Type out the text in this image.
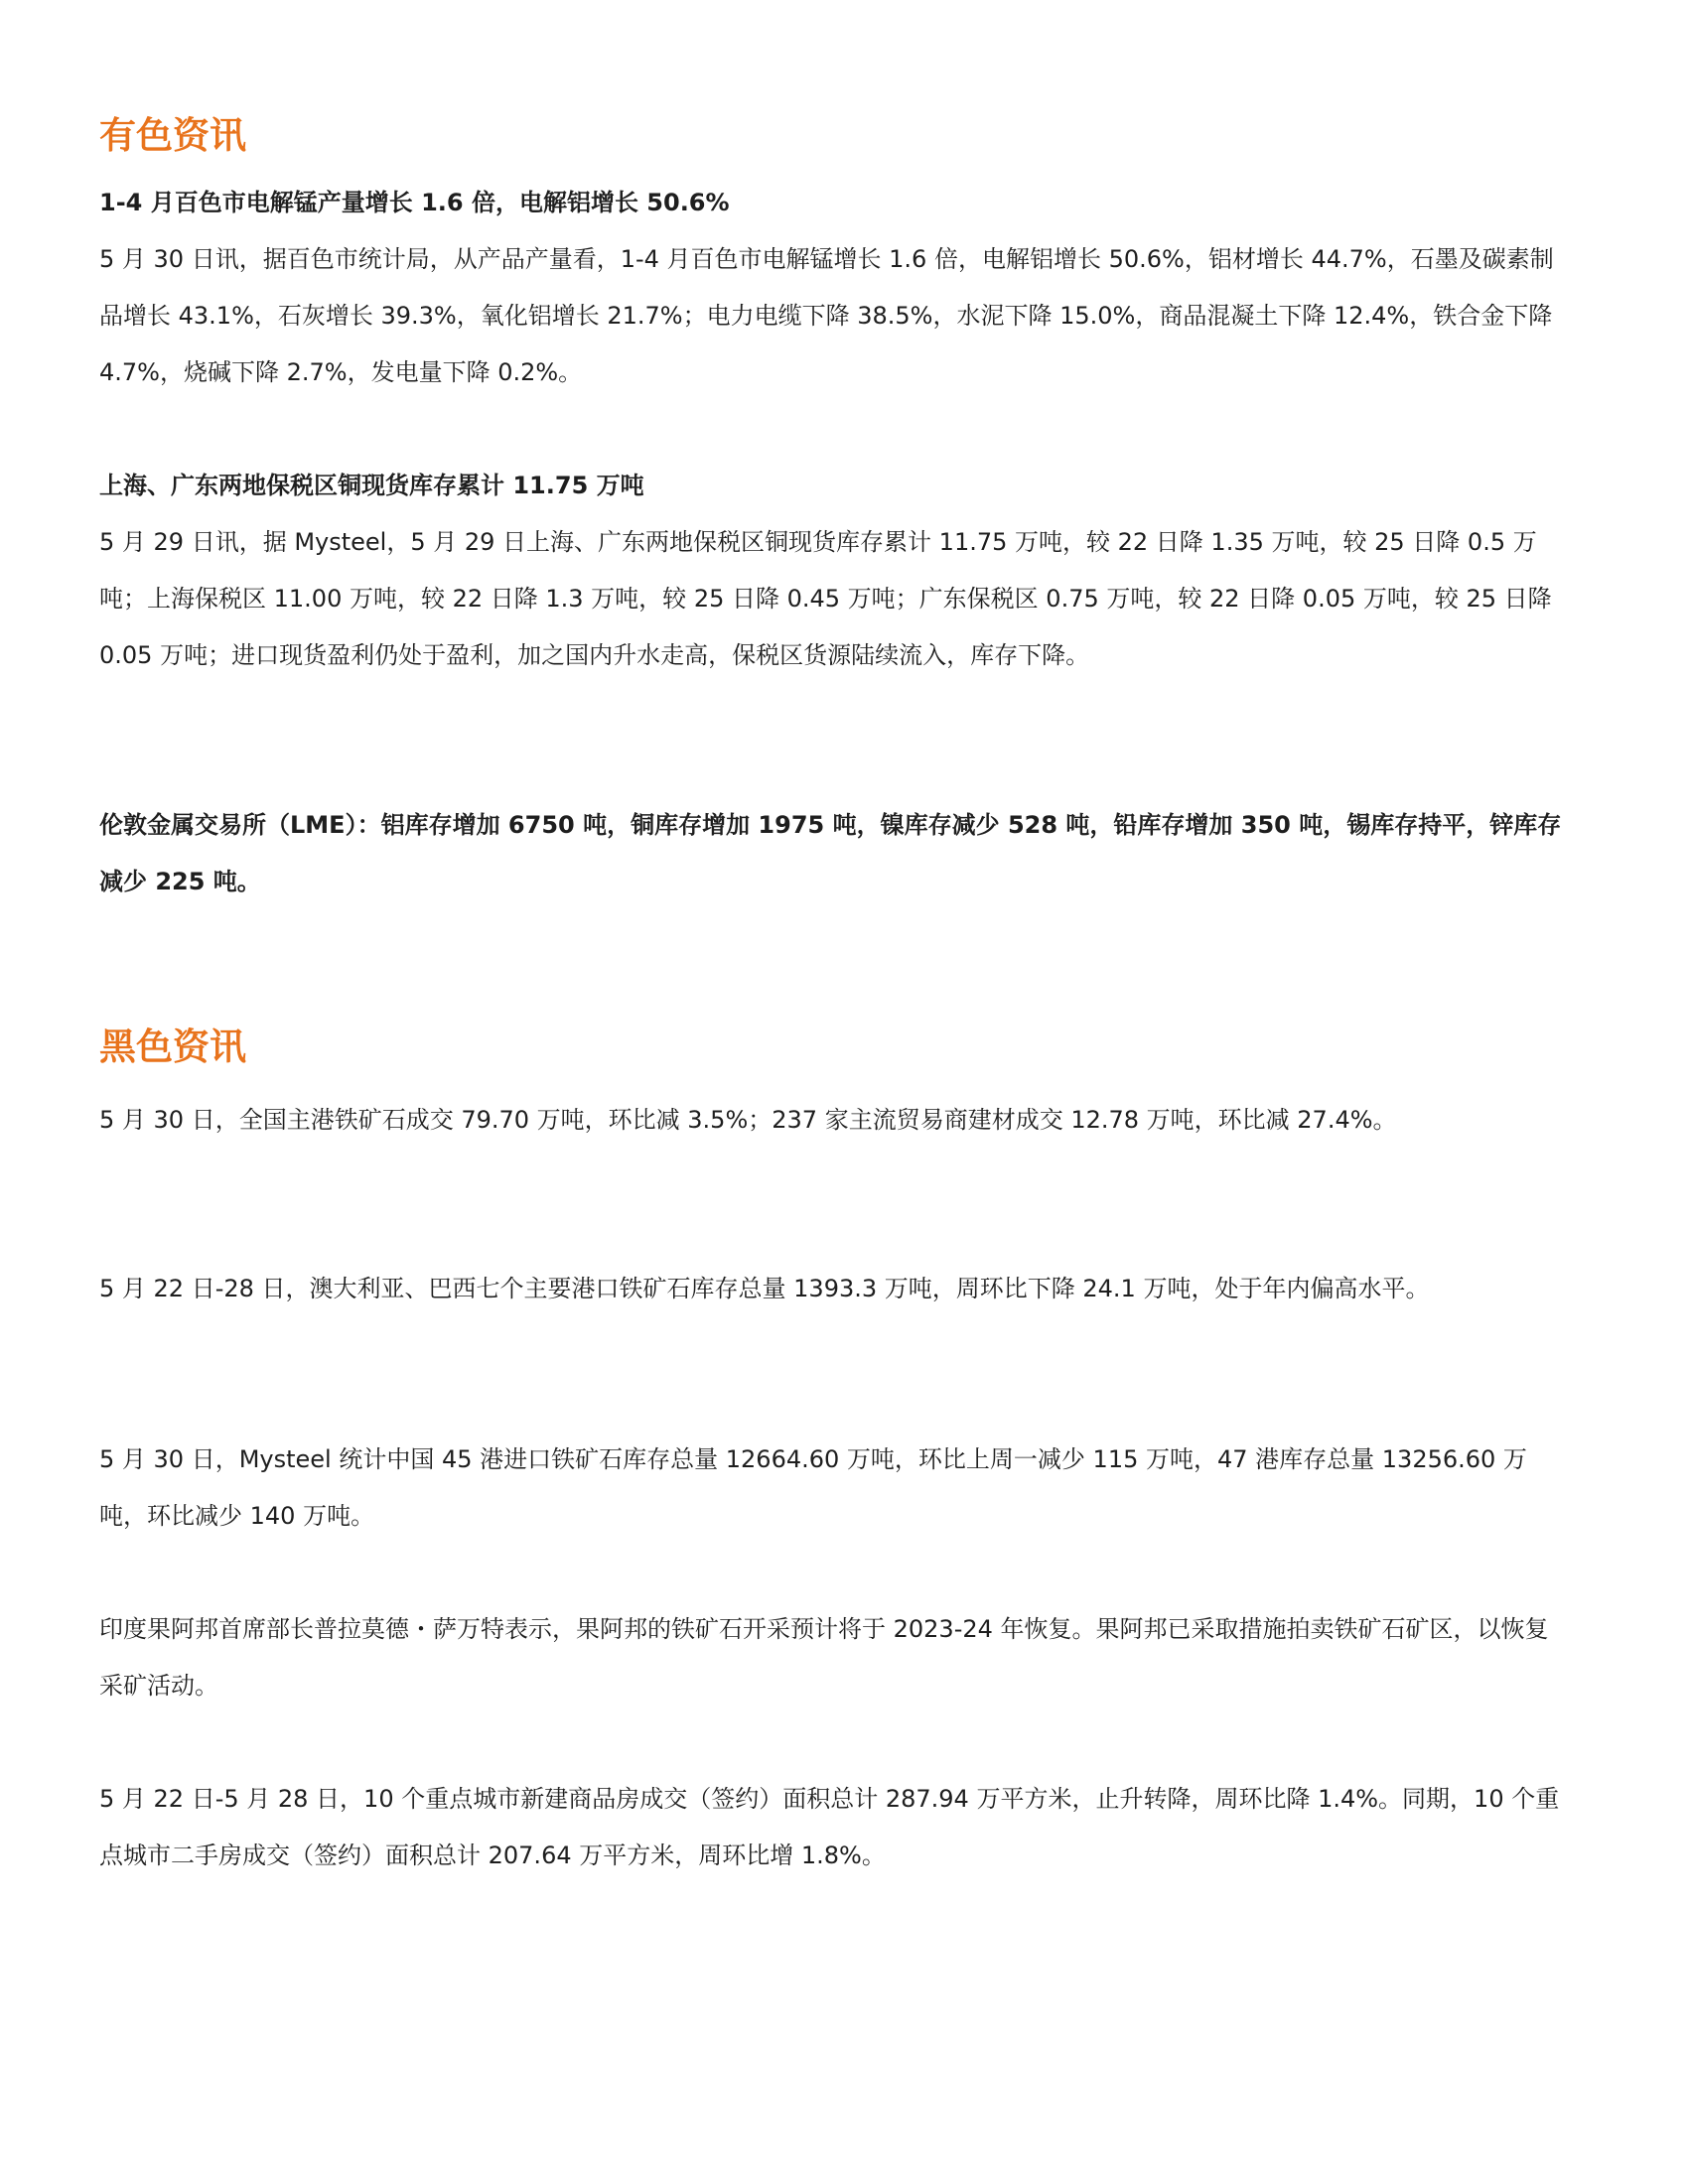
有色资讯

1-4 月百色市电解锰产量增长 1.6 倍，电解铝增长 50.6%

5 月 30 日讯，据百色市统计局，从产品产量看，1-4 月百色市电解锰增长 1.6 倍，电解铝增长 50.6%，铝材增长 44.7%，石墨及碳素制品增长 43.1%，石灰增长 39.3%，氧化铝增长 21.7%；电力电缆下降 38.5%，水泥下降 15.0%，商品混凝土下降 12.4%，铁合金下降 4.7%，烧碱下降 2.7%，发电量下降 0.2%。

上海、广东两地保税区铜现货库存累计 11.75 万吨

5 月 29 日讯，据 Mysteel，5 月 29 日上海、广东两地保税区铜现货库存累计 11.75 万吨，较 22 日降 1.35 万吨，较 25 日降 0.5 万吨；上海保税区 11.00 万吨，较 22 日降 1.3 万吨，较 25 日降 0.45 万吨；广东保税区 0.75 万吨，较 22 日降 0.05 万吨，较 25 日降 0.05 万吨；进口现货盈利仍处于盈利，加之国内升水走高，保税区货源陆续流入，库存下降。

伦敦金属交易所（LME）：铝库存增加 6750 吨，铜库存增加 1975 吨，镍库存减少 528 吨，铅库存增加 350 吨，锡库存持平，锌库存减少 225 吨。

黑色资讯

5 月 30 日，全国主港铁矿石成交 79.70 万吨，环比减 3.5%；237 家主流贸易商建材成交 12.78 万吨，环比减 27.4%。

5 月 22 日-28 日，澳大利亚、巴西七个主要港口铁矿石库存总量 1393.3 万吨，周环比下降 24.1 万吨，处于年内偏高水平。

5 月 30 日，Mysteel 统计中国 45 港进口铁矿石库存总量 12664.60 万吨，环比上周一减少 115 万吨，47 港库存总量 13256.60 万吨，环比减少 140 万吨。

印度果阿邦首席部长普拉莫德・萨万特表示，果阿邦的铁矿石开采预计将于 2023-24 年恢复。果阿邦已采取措施拍卖铁矿石矿区，以恢复采矿活动。

5 月 22 日-5 月 28 日，10 个重点城市新建商品房成交（签约）面积总计 287.94 万平方米，止升转降，周环比降 1.4%。同期，10 个重点城市二手房成交（签约）面积总计 207.64 万平方米，周环比增 1.8%。
